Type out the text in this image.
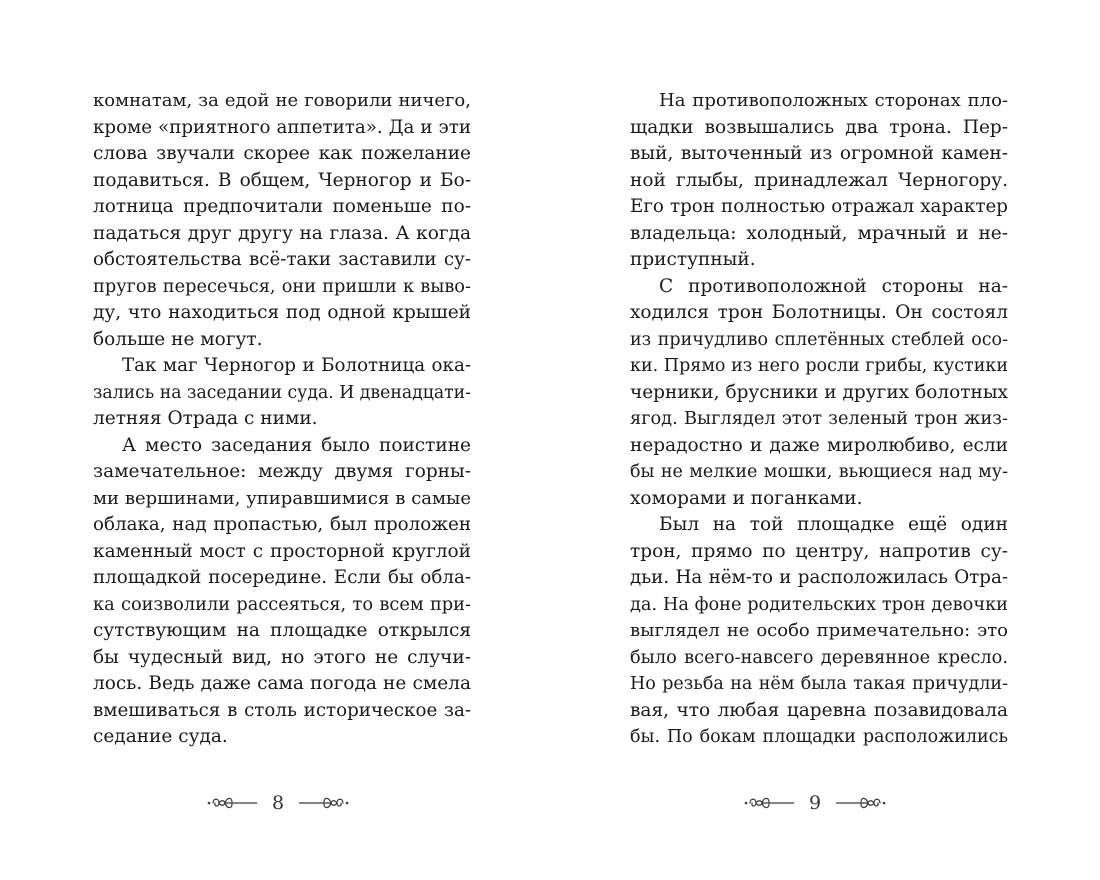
комнатам, за едой не говорили ничего,
кроме «приятного аппетита». Да и эти
слова звучали скорее как пожелание
подавиться. В общем, Черногор и Бо-
лотница предпочитали поменьше по-
падаться друг другу на глаза. А когда
обстоятельства всё-таки заставили су-
пругов пересечься, они пришли к выво-
ду, что находиться под одной крышей
больше не могут.
Так маг Черногор и Болотница ока-
зались на заседании суда. И двенадцати-
летняя Отрада с ними.
А место заседания было поистине
замечательное: между двумя горны-
ми вершинами, упиравшимися в самые
облака, над пропастью, был проложен
каменный мост с просторной круглой
площадкой посередине. Если бы обла-
ка соизволили рассеяться, то всем при-
сутствующим на площадке открылся
бы чудесный вид, но этого не случи-
лось. Ведь даже сама погода не смела
вмешиваться в столь историческое за-
седание суда.
На противоположных сторонах пло-
щадки возвышались два трона. Пер-
вый, выточенный из огромной камен-
ной глыбы, принадлежал Черногору.
Его трон полностью отражал характер
владельца: холодный, мрачный и не-
приступный.
С противоположной стороны на-
ходился трон Болотницы. Он состоял
из причудливо сплетённых стеблей осо-
ки. Прямо из него росли грибы, кустики
черники, брусники и других болотных
ягод. Выглядел этот зеленый трон жиз-
нерадостно и даже миролюбиво, если
бы не мелкие мошки, вьющиеся над му-
хоморами и поганками.
Был на той площадке ещё один
трон, прямо по центру, напротив су-
дьи. На нём-то и расположилась Отра-
да. На фоне родительских трон девочки
выглядел не особо примечательно: это
было всего-навсего деревянное кресло.
Но резьба на нём была такая причудли-
вая, что любая царевна позавидовала
бы. По бокам площадки расположились
8	9
